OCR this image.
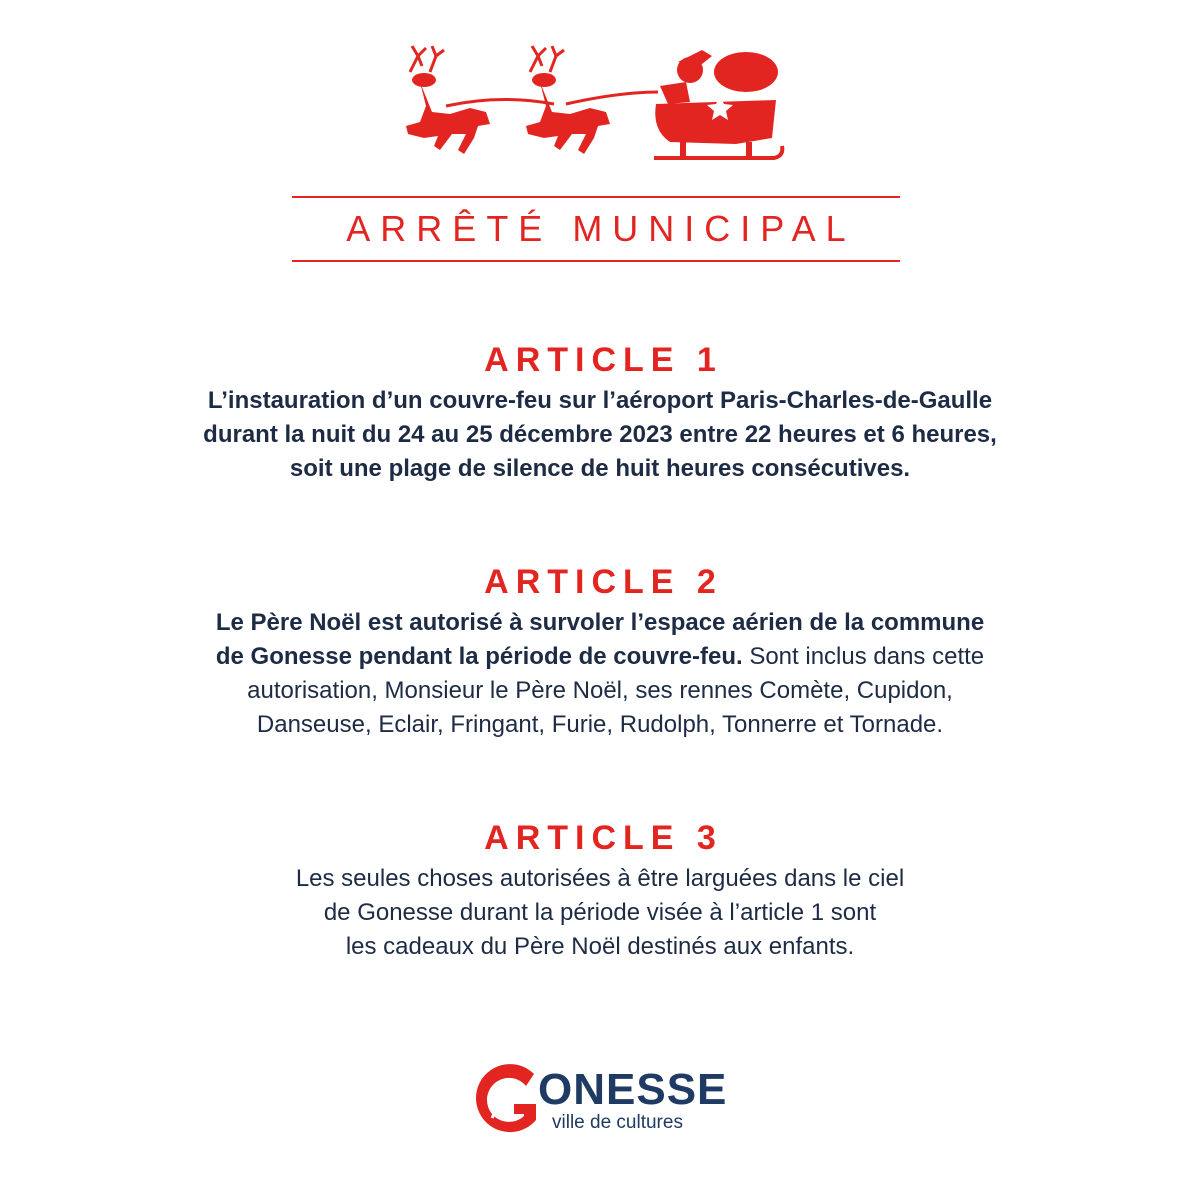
ARRÊTÉ MUNICIPAL
ARTICLE 1
L’instauration d’un couvre-feu sur l’aéroport Paris-Charles-de-Gaulle
durant la nuit du 24 au 25 décembre 2023 entre 22 heures et 6 heures,
soit une plage de silence de huit heures consécutives.
ARTICLE 2
Le Père Noël est autorisé à survoler l’espace aérien de la commune
de Gonesse pendant la période de couvre-feu. Sont inclus dans cette
autorisation, Monsieur le Père Noël, ses rennes Comète, Cupidon,
Danseuse, Eclair, Fringant, Furie, Rudolph, Tonnerre et Tornade.
ARTICLE 3
Les seules choses autorisées à être larguées dans le ciel
de Gonesse durant la période visée à l’article 1 sont
les cadeaux du Père Noël destinés aux enfants.
ONESSE
ville de cultures
